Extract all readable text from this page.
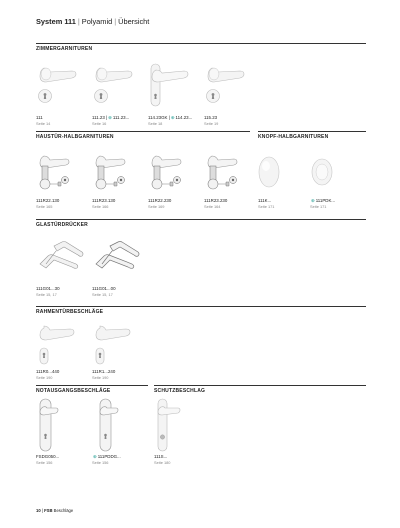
System 111 | Polyamid | Übersicht
ZIMMERGARNITUREN
111
Seite 14
111.23 |⊕111.23...
Seite 16
114.23GK |⊕114.23...
Seite 18
115.23
Seite 19
HAUSTÜR-HALBGARNITUREN	KNOPF-HALBGARNITUREN
111R22.130
Seite 165
111R23.130
Seite 166
111R22.230
Seite 169
111R23.230
Seite 164
111K...
Seite 171
⊕111PDK...
Seite 171
GLASTÜRDRÜCKER
111G01...30
Seite 15, 17
111G01...00
Seite 15, 17
RAHMENTÜRBESCHLÄGE
111R0...440
Seite 190
111R1...240
Seite 190
NOTAUSGANGSBESCHLÄGE	SCHUTZBESCHLAG
FSDG050...
Seite 156
⊕111PDDG...
Seite 156
111S...
Seite 180
10 | FSB Beschläge
